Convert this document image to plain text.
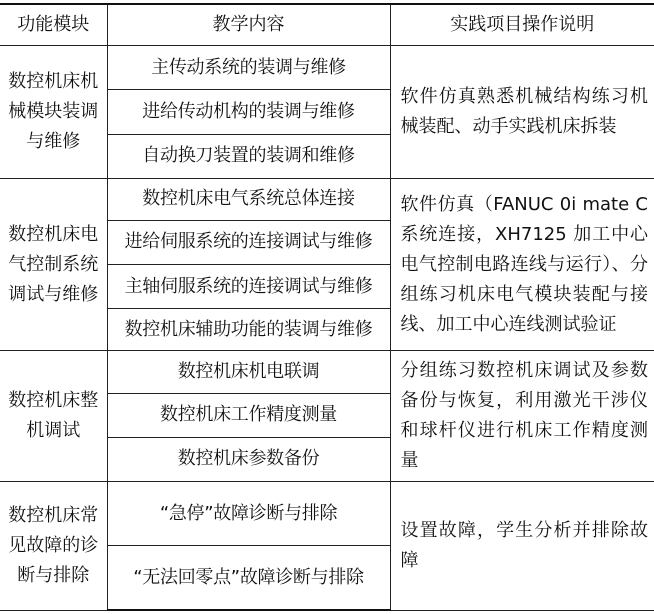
功能模块	教学内容	实践项目操作说明
数控机床机械模块装调与维修	主传动系统的装调与维修	软件仿真熟悉机械结构练习机械装配、动手实践机床拆装
	进给传动机构的装调与维修	
	自动换刀装置的装调和维修	
数控机床电气控制系统调试与维修	数控机床电气系统总体连接	软件仿真（FANUC 0i mate C 系统连接，XH7125 加工中心电气控制电路连线与运行）、分组练习机床电气模块装配与接线、加工中心连线测试验证
	进给伺服系统的连接调试与维修	
	主轴伺服系统的连接调试与维修	
	数控机床辅助功能的装调与维修	
数控机床整机调试	数控机床机电联调	分组练习数控机床调试及参数备份与恢复，利用激光干涉仪和球杆仪进行机床工作精度测量
	数控机床工作精度测量	
	数控机床参数备份	
数控机床常见故障的诊断与排除	“急停”故障诊断与排除	设置故障，学生分析并排除故障
	“无法回零点”故障诊断与排除	
